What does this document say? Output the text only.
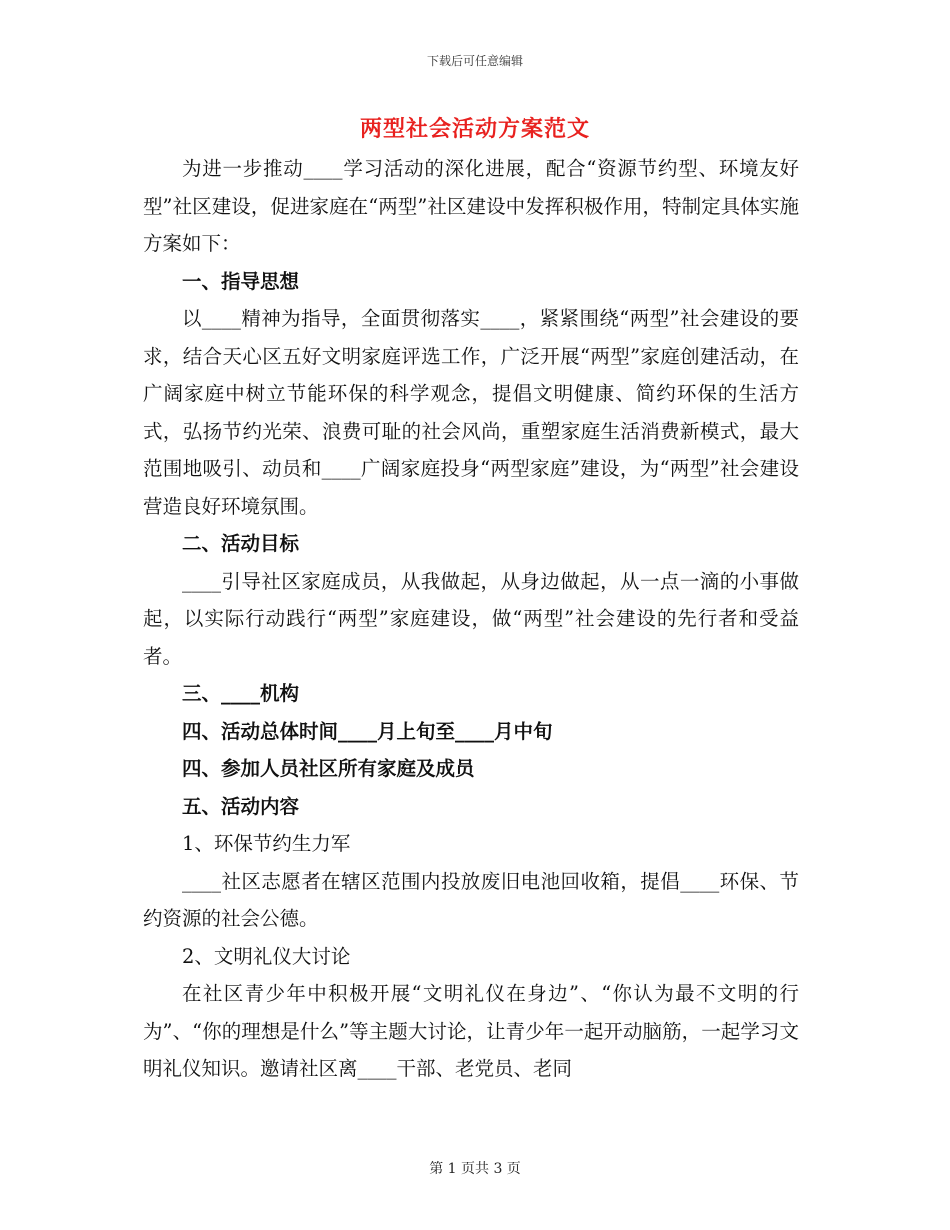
下载后可任意编辑
两型社会活动方案范文

为进一步推动____学习活动的深化进展，配合“资源节约型、环境友好型”社区建设，促进家庭在“两型”社区建设中发挥积极作用，特制定具体实施方案如下：

一、指导思想

以____精神为指导，全面贯彻落实____，紧紧围绕“两型”社会建设的要求，结合天心区五好文明家庭评选工作，广泛开展“两型”家庭创建活动，在广阔家庭中树立节能环保的科学观念，提倡文明健康、简约环保的生活方式，弘扬节约光荣、浪费可耻的社会风尚，重塑家庭生活消费新模式，最大范围地吸引、动员和____广阔家庭投身“两型家庭”建设，为“两型”社会建设营造良好环境氛围。

二、活动目标

____引导社区家庭成员，从我做起，从身边做起，从一点一滴的小事做起，以实际行动践行“两型”家庭建设，做“两型”社会建设的先行者和受益者。

三、____机构

四、活动总体时间____月上旬至____月中旬

四、参加人员社区所有家庭及成员

五、活动内容

1、环保节约生力军

____社区志愿者在辖区范围内投放废旧电池回收箱，提倡____环保、节约资源的社会公德。

2、文明礼仪大讨论

在社区青少年中积极开展“文明礼仪在身边”、“你认为最不文明的行为”、“你的理想是什么”等主题大讨论，让青少年一起开动脑筋，一起学习文明礼仪知识。邀请社区离____干部、老党员、老同

第 1 页共 3 页
